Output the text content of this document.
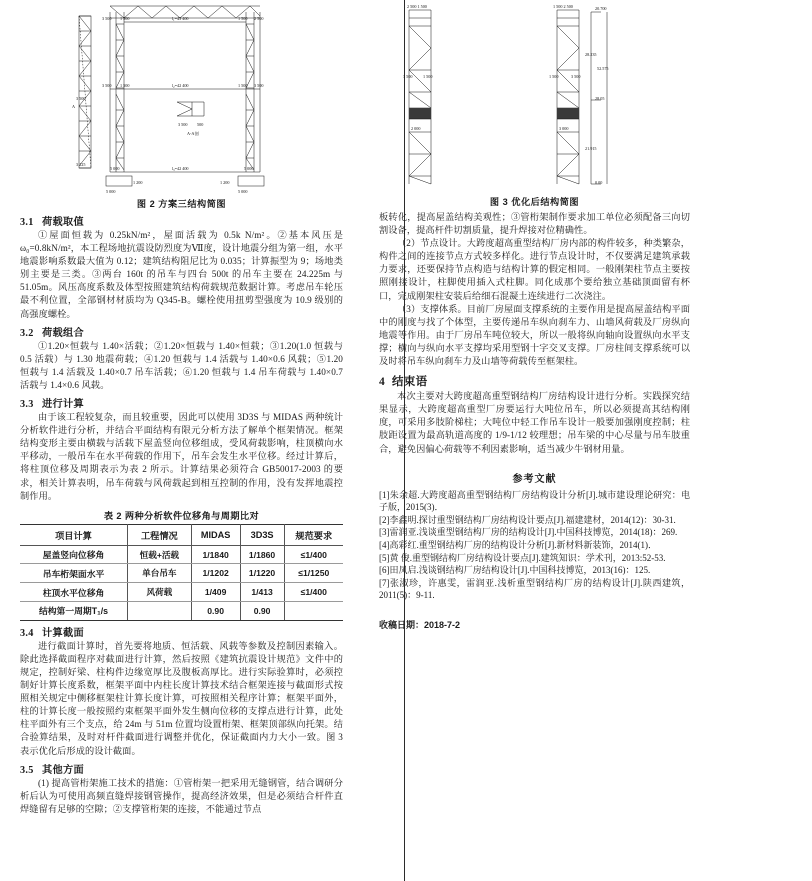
3 500
3 125
A
3 500 1 500	l₁=43 400	1 500 2 500
3 500 1 500	l₂=42 400	1 500 3 500
l₃=42 400
5 000	5 000
5 000	5 000
1 200	1 200
3 500 500
A-A剖
图 2 方案三结构简图
3.1 荷载取值

①屋面恒载为 0.25kN/m²，屋面活载为 0.5k N/m²。②基本风压是 ω₀=0.8kN/m²，本工程场地抗震设防烈度为Ⅶ度，设计地震分组为第一组，水平地震影响系数最大值为 0.12；建筑结构阻尼比为 0.035；计算振型为 9；场地类别主要是三类。③两台 160t 的吊车与四台 500t 的吊车主要在 24.225m 与 51.05m。风压高度系数及体型按照建筑结构荷载规范数据计算。考虑吊车轮压最不利位置，全部钢材材质均为 Q345-B。螺栓使用扭剪型强度为 10.9 级别的高强度螺栓。

3.2 荷载组合

①1.20×恒载与 1.40×活载；②1.20×恒载与 1.40×恒载；③1.20(1.0 恒载与 0.5 活载）与 1.30 地震荷载；④1.20 恒载与 1.4 活载与 1.40×0.6 风载；⑤1.20 恒载与 1.4 活载及 1.40×0.7 吊车活载；⑥1.20 恒载与 1.4 吊车荷载与 1.40×0.7 活载与 1.4×0.6 风载。

3.3 进行计算

由于该工程较复杂，而且较重要，因此可以使用 3D3S 与 MIDAS 两种统计分析软件进行分析，并结合平面结构有限元分析方法了解单个框架情况。框架结构变形主要由横载与活载下屋盖竖向位移组成，受风荷载影响，柱顶横向水平移动，一般吊车在水平荷载的作用下，吊车会发生水平位移。经过计算后，将柱顶位移及周期表示为表 2 所示。计算结果必须符合 GB50017-2003 的要求，相关计算表明，吊车荷载与风荷载起到相互控制的作用，没有发挥地震控制作用。

表 2 两种分析软件位移角与周期比对
项目计算	工程情况	MIDAS	3D3S	规范要求
屋盖竖向位移角	恒载+活载	1/1840	1/1860	≤1/400
吊车桁架面水平	单台吊车	1/1202	1/1220	≤1/1250
柱顶水平位移角	风荷载	1/409	1/413	≤1/400
结构第一周期T₁/s		0.90	0.90	
3.4 计算截面

进行截面计算时，首先要将地质、恒活载、风载等参数及控制因素输入。除此选择截面程序对截面进行计算，然后按照《建筑抗震设计规范》文件中的规定，控制好梁、柱构件边缘宽厚比及腹板高厚比。进行实际验算时，必须控制好计算长度系数，框架平面中内柱长度计算技术结合框架连接与截面形式按照相关规定中侧移框架柱计算长度计算，可按照相关程序计算；框架平面外，柱的计算长度一般按照约束框架平面外发生侧向位移的支撑点进行计算，此处柱平面外有三个支点，给 24m 与 51m 位置均设置桁架、框架顶部纵向托架。结合验算结果，及时对杆件截面进行调整并优化，保证截面内力大小一致。图 3 表示优化后形成的设计截面。

3.5 其他方面

(1) 提高管桁架施工技术的措施：①管桁架一把采用无缝钢管，结合调研分析后认为可使用高频直缝焊接钢管操作，提高经济效果，但是必须结合杆件直焊缝留有足够的空隙；②支撑管桁架的连接，不能通过节点

2 500 1 500
3 500	1 500
2 000
1 500 2 500
1 500	3 500
3 000
20.700
28.235
52.575
28.05
21.915
0.00
图 3 优化后结构简图

板转化，提高屋盖结构美观性；③管桁架制作要求加工单位必须配备三向切割设备，提高杆件切割质量，提升焊接对位精确性。

（2）节点设计。大跨度超高重型结构厂房内部的构件较多，种类繁杂，构件之间的连接节点方式较多样化。进行节点设计时，不仅要满足建筑承载力要求，还要保持节点构造与结构计算的假定相同。一般刚架柱节点主要按照刚接设计，柱脚使用插入式柱脚。同化成那个要给独立基础顶面留有杯口，完成刚架柱安装后给细石混凝土连续进行二次浇注。

（3）支撑体系。目前厂房屋面支撑系统的主要作用是提高屋盖结构平面中的刚度与找了个体型，主要传递吊车纵向刹车力、山墙风荷载及厂房纵向地震等作用。由于厂房吊车吨位较大，所以一般将纵向轴向设置纵向水平支撑；横向与纵向水平支撑均采用型钢十字交叉支撑。厂房柱间支撑系统可以及时将吊车纵向刹车力及山墙等荷载传至框架柱。

4 结束语

本次主要对大跨度超高重型钢结构厂房结构设计进行分析。实践探究结果显示，大跨度超高重型厂房要运行大吨位吊车，所以必须提高其结构刚度，可采用多肢阶梯柱；大吨位中轻工作吊车设计一般要加强刚度控制；柱肢距设置为最高轨道高度的 1/9-1/12 较理想；吊车梁的中心尽量与吊车肢重合，避免因偏心荷载等不利因素影响，适当减少牛钢材用量。

参考文献

[1]朱余超.大跨度超高重型钢结构厂房结构设计分析[J].城市建设理论研究：电子版，2015(3)．

[2]李鑫明.探讨重型钢结构厂房结构设计要点[J].福建建材，2014(12)：30-31.

[3]雷润亚.浅谈重型钢结构厂房的结构设计[J].中国科技博览，2014(18)：269.

[4]高彩红.重型钢结构厂房的结构设计分析[J].新材料新装饰，2014(1)．

[5]黄 俊.重型钢结构厂房结构设计要点[J].建筑知识：学术刊，2013:52-53.

[6]田凤启.浅谈钢结构厂房结构设计[J].中国科技博览，2013(16)：125.

[7]张淑珍，许惠雯，雷润亚.浅析重型钢结构厂房的结构设计[J].陕西建筑，2011(5)：9-11.

收稿日期：2018-7-2
